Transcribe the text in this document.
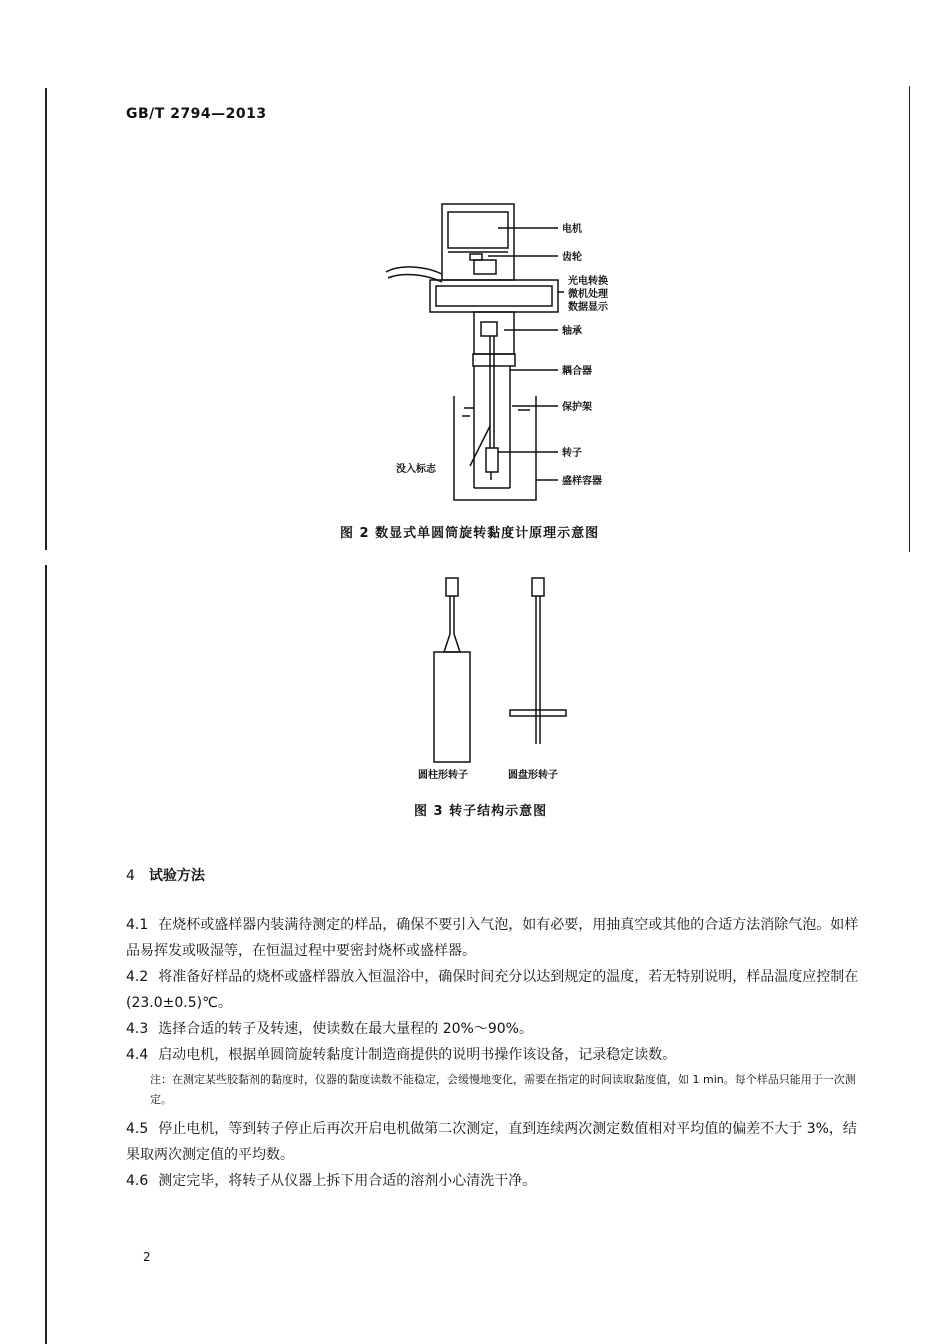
GB/T 2794—2013
电机
齿轮
光电转换
微机处理
数据显示
轴承
耦合器
保护架
转子
盛样容器
没入标志
图 2 数显式单圆筒旋转黏度计原理示意图
圆柱形转子	圆盘形转子
图 3 转子结构示意图
4 试验方法
4.1 在烧杯或盛样器内装满待测定的样品，确保不要引入气泡，如有必要，用抽真空或其他的合适方法消除气泡。如样品易挥发或吸湿等，在恒温过程中要密封烧杯或盛样器。
4.2 将准备好样品的烧杯或盛样器放入恒温浴中，确保时间充分以达到规定的温度，若无特别说明，样品温度应控制在(23.0±0.5)℃。
4.3 选择合适的转子及转速，使读数在最大量程的 20%～90%。
4.4 启动电机，根据单圆筒旋转黏度计制造商提供的说明书操作该设备，记录稳定读数。
注：在测定某些胶黏剂的黏度时，仪器的黏度读数不能稳定，会缓慢地变化，需要在指定的时间读取黏度值，如 1 min。每个样品只能用于一次测定。
4.5 停止电机，等到转子停止后再次开启电机做第二次测定，直到连续两次测定数值相对平均值的偏差不大于 3%，结果取两次测定值的平均数。
4.6 测定完毕，将转子从仪器上拆下用合适的溶剂小心清洗干净。
2
